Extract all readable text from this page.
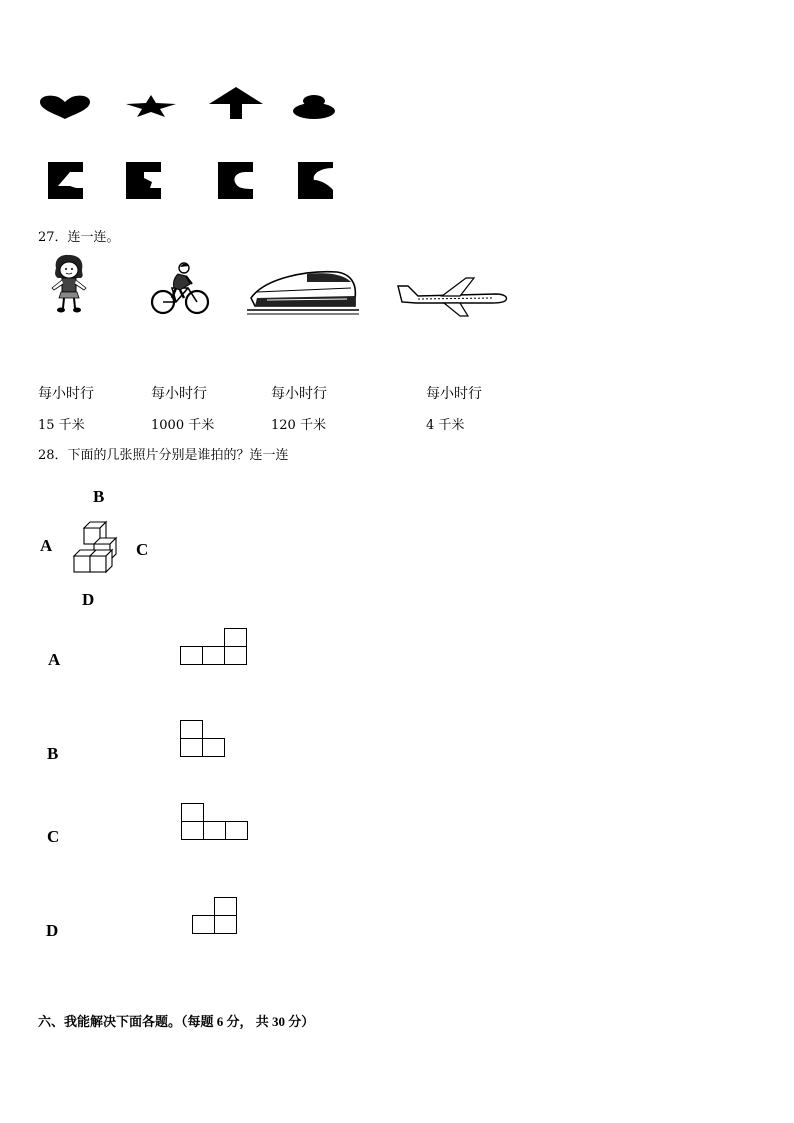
27．连一连。
每小时行	每小时行	每小时行	每小时行
15 千米	1000 千米	120 千米	4 千米
28．下面的几张照片分别是谁拍的？连一连
B
A	C
D
A
B
C
D
六、我能解决下面各题。（每题 6 分， 共 30 分）
